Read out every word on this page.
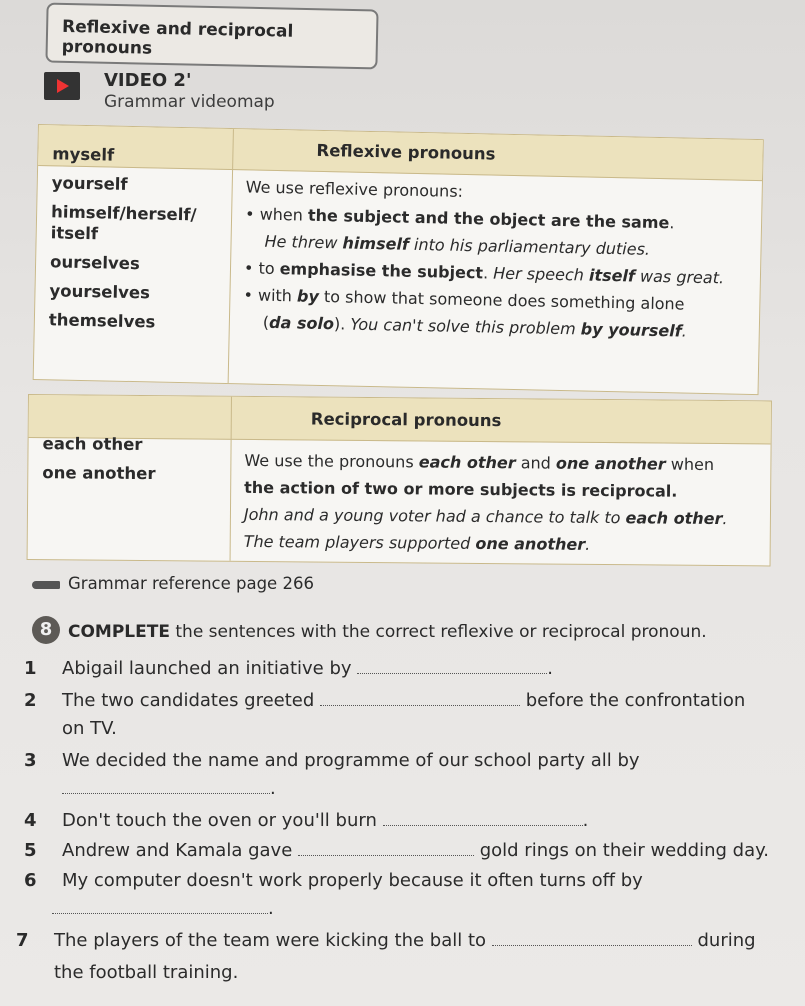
Reflexive and reciprocal pronouns
VIDEO 2'
Grammar videomap
Reflexive pronouns
myself
yourself
himself/herself/
itself
ourselves
yourselves
themselves
We use reflexive pronouns:
• when the subject and the object are the same.
He threw himself into his parliamentary duties.
• to emphasise the subject. Her speech itself was great.
• with by to show that someone does something alone
(da solo). You can't solve this problem by yourself.
Reciprocal pronouns
each other
one another
We use the pronouns each other and one another when
the action of two or more subjects is reciprocal.
John and a young voter had a chance to talk to each other.
The team players supported one another.
Grammar reference page 266
8 COMPLETE the sentences with the correct reflexive or reciprocal pronoun.
1 Abigail launched an initiative by	.
2 The two candidates greeted	before the confrontation
on TV.
3 We decided the name and programme of our school party all by
.
4 Don't touch the oven or you'll burn	.
5 Andrew and Kamala gave	gold rings on their wedding day.
6 My computer doesn't work properly because it often turns off by
.
7 The players of the team were kicking the ball to	during
the football training.
